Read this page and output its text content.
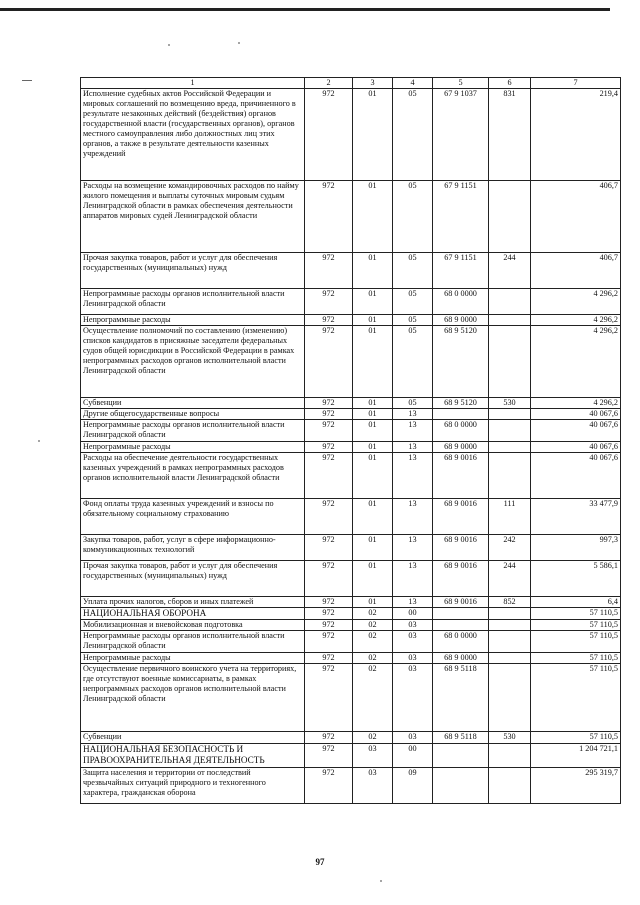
1	2	3	4	5	6	7
Исполнение судебных актов Российской Федерации и мировых соглашений по возмещению вреда, причиненного в результате незаконных действий (бездействия) органов государственной власти (государственных органов), органов местного самоуправления либо должностных лиц этих органов, а также в результате деятельности казенных учреждений	972	01	05	67 9 1037	831	219,4
Расходы на возмещение командировочных расходов по найму жилого помещения и выплаты суточных мировым судьям Ленинградской области в рамках обеспечения деятельности аппаратов мировых судей Ленинградской области	972	01	05	67 9 1151		406,7
Прочая закупка товаров, работ и услуг для обеспечения государственных (муниципальных) нужд	972	01	05	67 9 1151	244	406,7
Непрограммные расходы органов исполнительной власти Ленинградской области	972	01	05	68 0 0000		4 296,2
Непрограммные расходы	972	01	05	68 9 0000		4 296,2
Осуществление полномочий по составлению (изменению) списков кандидатов в присяжные заседатели федеральных судов общей юрисдикции в Российской Федерации в рамках непрограммных расходов органов исполнительной власти Ленинградской области	972	01	05	68 9 5120		4 296,2
Субвенции	972	01	05	68 9 5120	530	4 296,2
Другие общегосударственные вопросы	972	01	13			40 067,6
Непрограммные расходы органов исполнительной власти Ленинградской области	972	01	13	68 0 0000		40 067,6
Непрограммные расходы	972	01	13	68 9 0000		40 067,6
Расходы на обеспечение деятельности государственных казенных учреждений в рамках непрограммных расходов органов исполнительной власти Ленинградской области	972	01	13	68 9 0016		40 067,6
Фонд оплаты труда казенных учреждений и взносы по обязательному социальному страхованию	972	01	13	68 9 0016	111	33 477,9
Закупка товаров, работ, услуг в сфере информационно-коммуникационных технологий	972	01	13	68 9 0016	242	997,3
Прочая закупка товаров, работ и услуг для обеспечения государственных (муниципальных) нужд	972	01	13	68 9 0016	244	5 586,1
Уплата прочих налогов, сборов и иных платежей	972	01	13	68 9 0016	852	6,4
НАЦИОНАЛЬНАЯ ОБОРОНА	972	02	00			57 110,5
Мобилизационная и вневойсковая подготовка	972	02	03			57 110,5
Непрограммные расходы органов исполнительной власти Ленинградской области	972	02	03	68 0 0000		57 110,5
Непрограммные расходы	972	02	03	68 9 0000		57 110,5
Осуществление первичного воинского учета на территориях, где отсутствуют военные комиссариаты, в рамках непрограммных расходов органов исполнительной власти Ленинградской области	972	02	03	68 9 5118		57 110,5
Субвенции	972	02	03	68 9 5118	530	57 110,5
НАЦИОНАЛЬНАЯ БЕЗОПАСНОСТЬ И ПРАВООХРАНИТЕЛЬНАЯ ДЕЯТЕЛЬНОСТЬ	972	03	00			1 204 721,1
Защита населения и территории от последствий чрезвычайных ситуаций природного и техногенного характера, гражданская оборона	972	03	09			295 319,7
97
